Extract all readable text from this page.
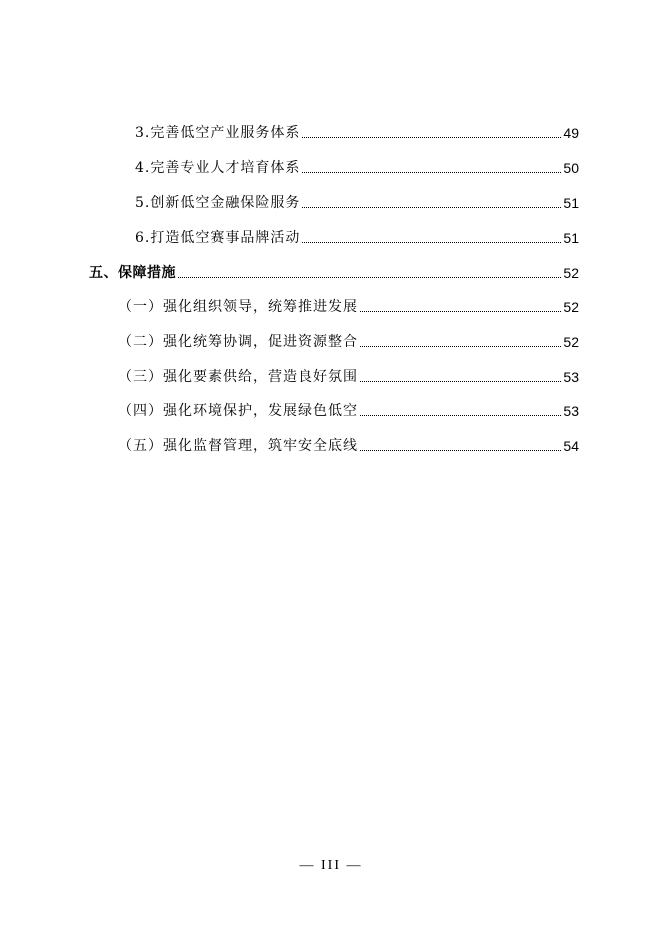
3.完善低空产业服务体系	49
4.完善专业人才培育体系	50
5.创新低空金融保险服务	51
6.打造低空赛事品牌活动	51
五、保障措施	52
（一）强化组织领导，统筹推进发展	52
（二）强化统筹协调，促进资源整合	52
（三）强化要素供给，营造良好氛围	53
（四）强化环境保护，发展绿色低空	53
（五）强化监督管理，筑牢安全底线	54
— III —
